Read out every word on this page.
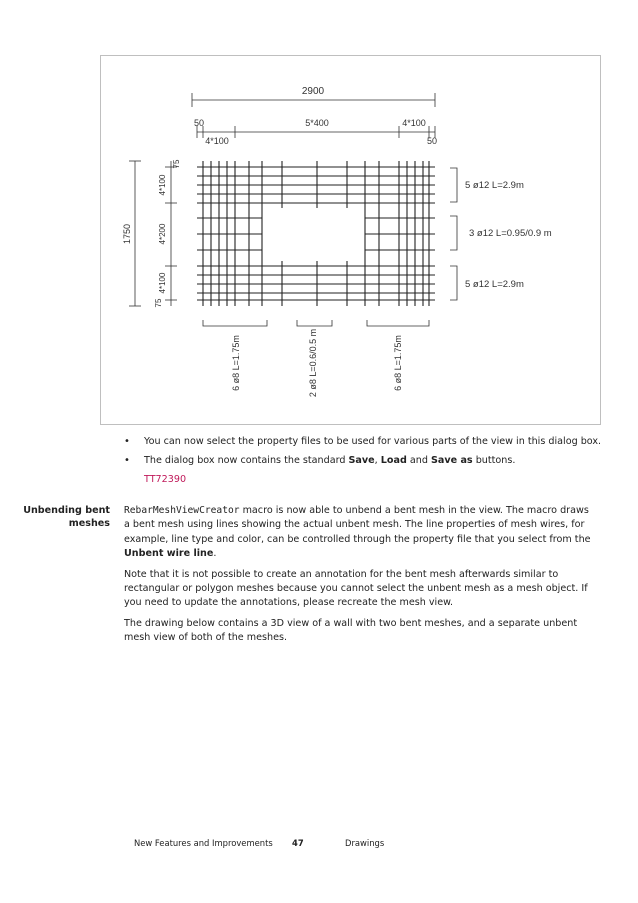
2900
50
4*100
5*400	4*100
50
1750
75
4*100
4*200
4*100
75
5 ø12 L=2.9m
3 ø12 L=0.95/0.9 m
5 ø12 L=2.9m
6 ø8 L=1.75m	2 ø8 L=0.6/0.5 m	6 ø8 L=1.75m
• You can now select the property files to be used for various parts of the view in this dialog box.
• The dialog box now contains the standard Save, Load and Save as buttons.
TT72390
Unbending bent
meshes

RebarMeshViewCreator macro is now able to unbend a bent mesh in the view. The macro draws a bent mesh using lines showing the actual unbent mesh. The line properties of mesh wires, for example, line type and color, can be controlled through the property file that you select from the Unbent wire line.

Note that it is not possible to create an annotation for the bent mesh afterwards similar to rectangular or polygon meshes because you cannot select the unbent mesh as a mesh object. If you need to update the annotations, please recreate the mesh view.

The drawing below contains a 3D view of a wall with two bent meshes, and a separate unbent mesh view of both of the meshes.

New Features and Improvements 47	Drawings
